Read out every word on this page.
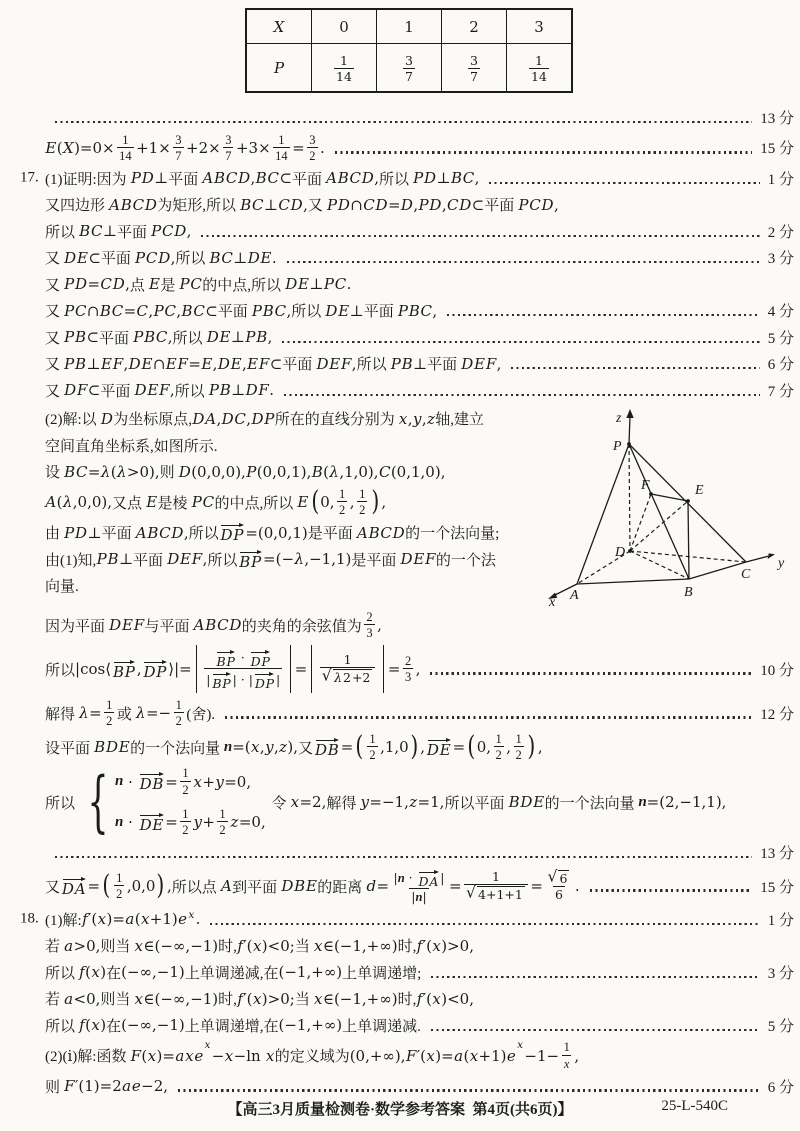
X	0	1	2	3
P	$\frac{1}{14}$	$\frac{3}{7}$	$\frac{3}{7}$	$\frac{1}{14}$
13 分
E ( X )$=0\times \frac{1}{14} +1\times \frac{3}{7} +2\times \frac{3}{7} +3\times \frac{1}{14} = \frac{3}{2}$ .	15 分
17. (1)证明:因为 P D ⊥ 平面 A B C D , B C ⊂ 平面 A B C D , 所以 P D ⊥ B C ,	1 分
又四边形 A B C D 为矩形,所以 B C ⊥ C D , 又 P D ∩ C D = D , P D , C D ⊂ 平面 P C D ,
所以 B C ⊥ 平面 P C D ,	2 分
又 D E ⊂ 平面 P C D , 所以 B C ⊥ D E .	3 分
又 P D = C D , 点 E 是 P C 的中点,所以 D E ⊥ P C .
又 P C ∩ B C = C , P C , B C ⊂ 平面 P B C , 所以 D E ⊥ 平面 P B C ,	4 分
又 P B ⊂ 平面 P B C , 所以 D E ⊥ P B ,	5 分
又 P B ⊥ E F , D E ∩ E F = E , D E , E F ⊂ 平面 D E F , 所以 P B ⊥ 平面 D E F ,	6 分
又 D F ⊂ 平面 D E F , 所以 P B ⊥ D F .	7 分
(2)解:以 D 为坐标原点, D A , D C , D P 所在的直线分别为 x , y , z 轴,建立
空间直角坐标系,如图所示.
设 B C = λ ( λ >0), 则 D (0,0,0), P (0,0,1), B ( λ ,1,0), C (0,1,0),
A ( λ ,0,0), 又点 E 是棱 P C 的中点,所以 E ( 0, $\frac{1}{2}$ , $\frac{1}{2}$ ) ,
由 P D ⊥ 平面 A B C D , 所以 D P =(0,0,1) 是平面 A B C D 的一个法向量;
由(1)知, P B ⊥ 平面 D E F , 所以 B P =(− λ ,−1,1) 是平面 D E F 的一个法
向量.
z
P
F	E
D
A	B
C
x
y
因为平面 D E F 与平面 A B C D 的夹角的余弦值为 $\frac{2}{3}$ ,
所以 | cos ⟨ B P , D P ⟩|= $\frac{\text{B P · D P}}{\text{| B P | · | D P |}} = 1$
√ λ $2 +2 = \frac{2}{3}$ ,	10 分
解得 $\lambda = \frac{1}{2}$ 或 $\lambda =- \frac{1}{2}$ (舍).	12 分
设平面 B D E 的一个法向量 n =( x , y , z ), 又 D B = ( $\frac{1}{2} ,1,0$ ) , D E = ( 0, $\frac{1}{2}$ , $\frac{1}{2}$ ) ,
所以
{
n · D $B = \frac{1}{2}$ x + y =0,
n · D $E = \frac{1}{2}$ $y + \frac{1}{2}$ z =0,
令 x =2, 解得 y =−1, z =1, 所以平面 B D E 的一个法向量 n =(2,−1,1),
13 分
又 D A = ( $\frac{1}{2} ,0,0$ ) , 所以点 A 到平面 D B E 的距离 $d = \frac{\text{| n · D A |}}{| n |} = 1$
√ 4+1+1 = √ $\frac{6}{6}$ .	15 分
18. (1)解: f ′( x )= a ( x +1) e x .	1 分
若 a >0, 则当 x ∈(−∞,−1) 时, f ′( x )<0; 当 x ∈(−1,+∞) 时, f ′( x )>0,
所以 f ( x ) 在 (−∞,−1) 上单调递减,在 (−1,+∞) 上单调递增;	3 分
若 a <0, 则当 x ∈(−∞,−1) 时, f ′( x )>0; 当 x ∈(−1,+∞) 时, f ′( x )<0,
所以 f ( x ) 在 (−∞,−1) 上单调递增,在 (−1,+∞) 上单调递减.	5 分
(2)(ⅰ)解:函数 F ( x )= a x e
x
− x − ln x 的定义域为 (0,+∞), F ′( x )= a ( x +1) e
x
$-1- \frac{1}{x}$ ,
则 F ′(1)=2 a e −2,	6 分
【高三3月质量检测卷·数学参考答案  第4页(共6页)】	25-L-540C
